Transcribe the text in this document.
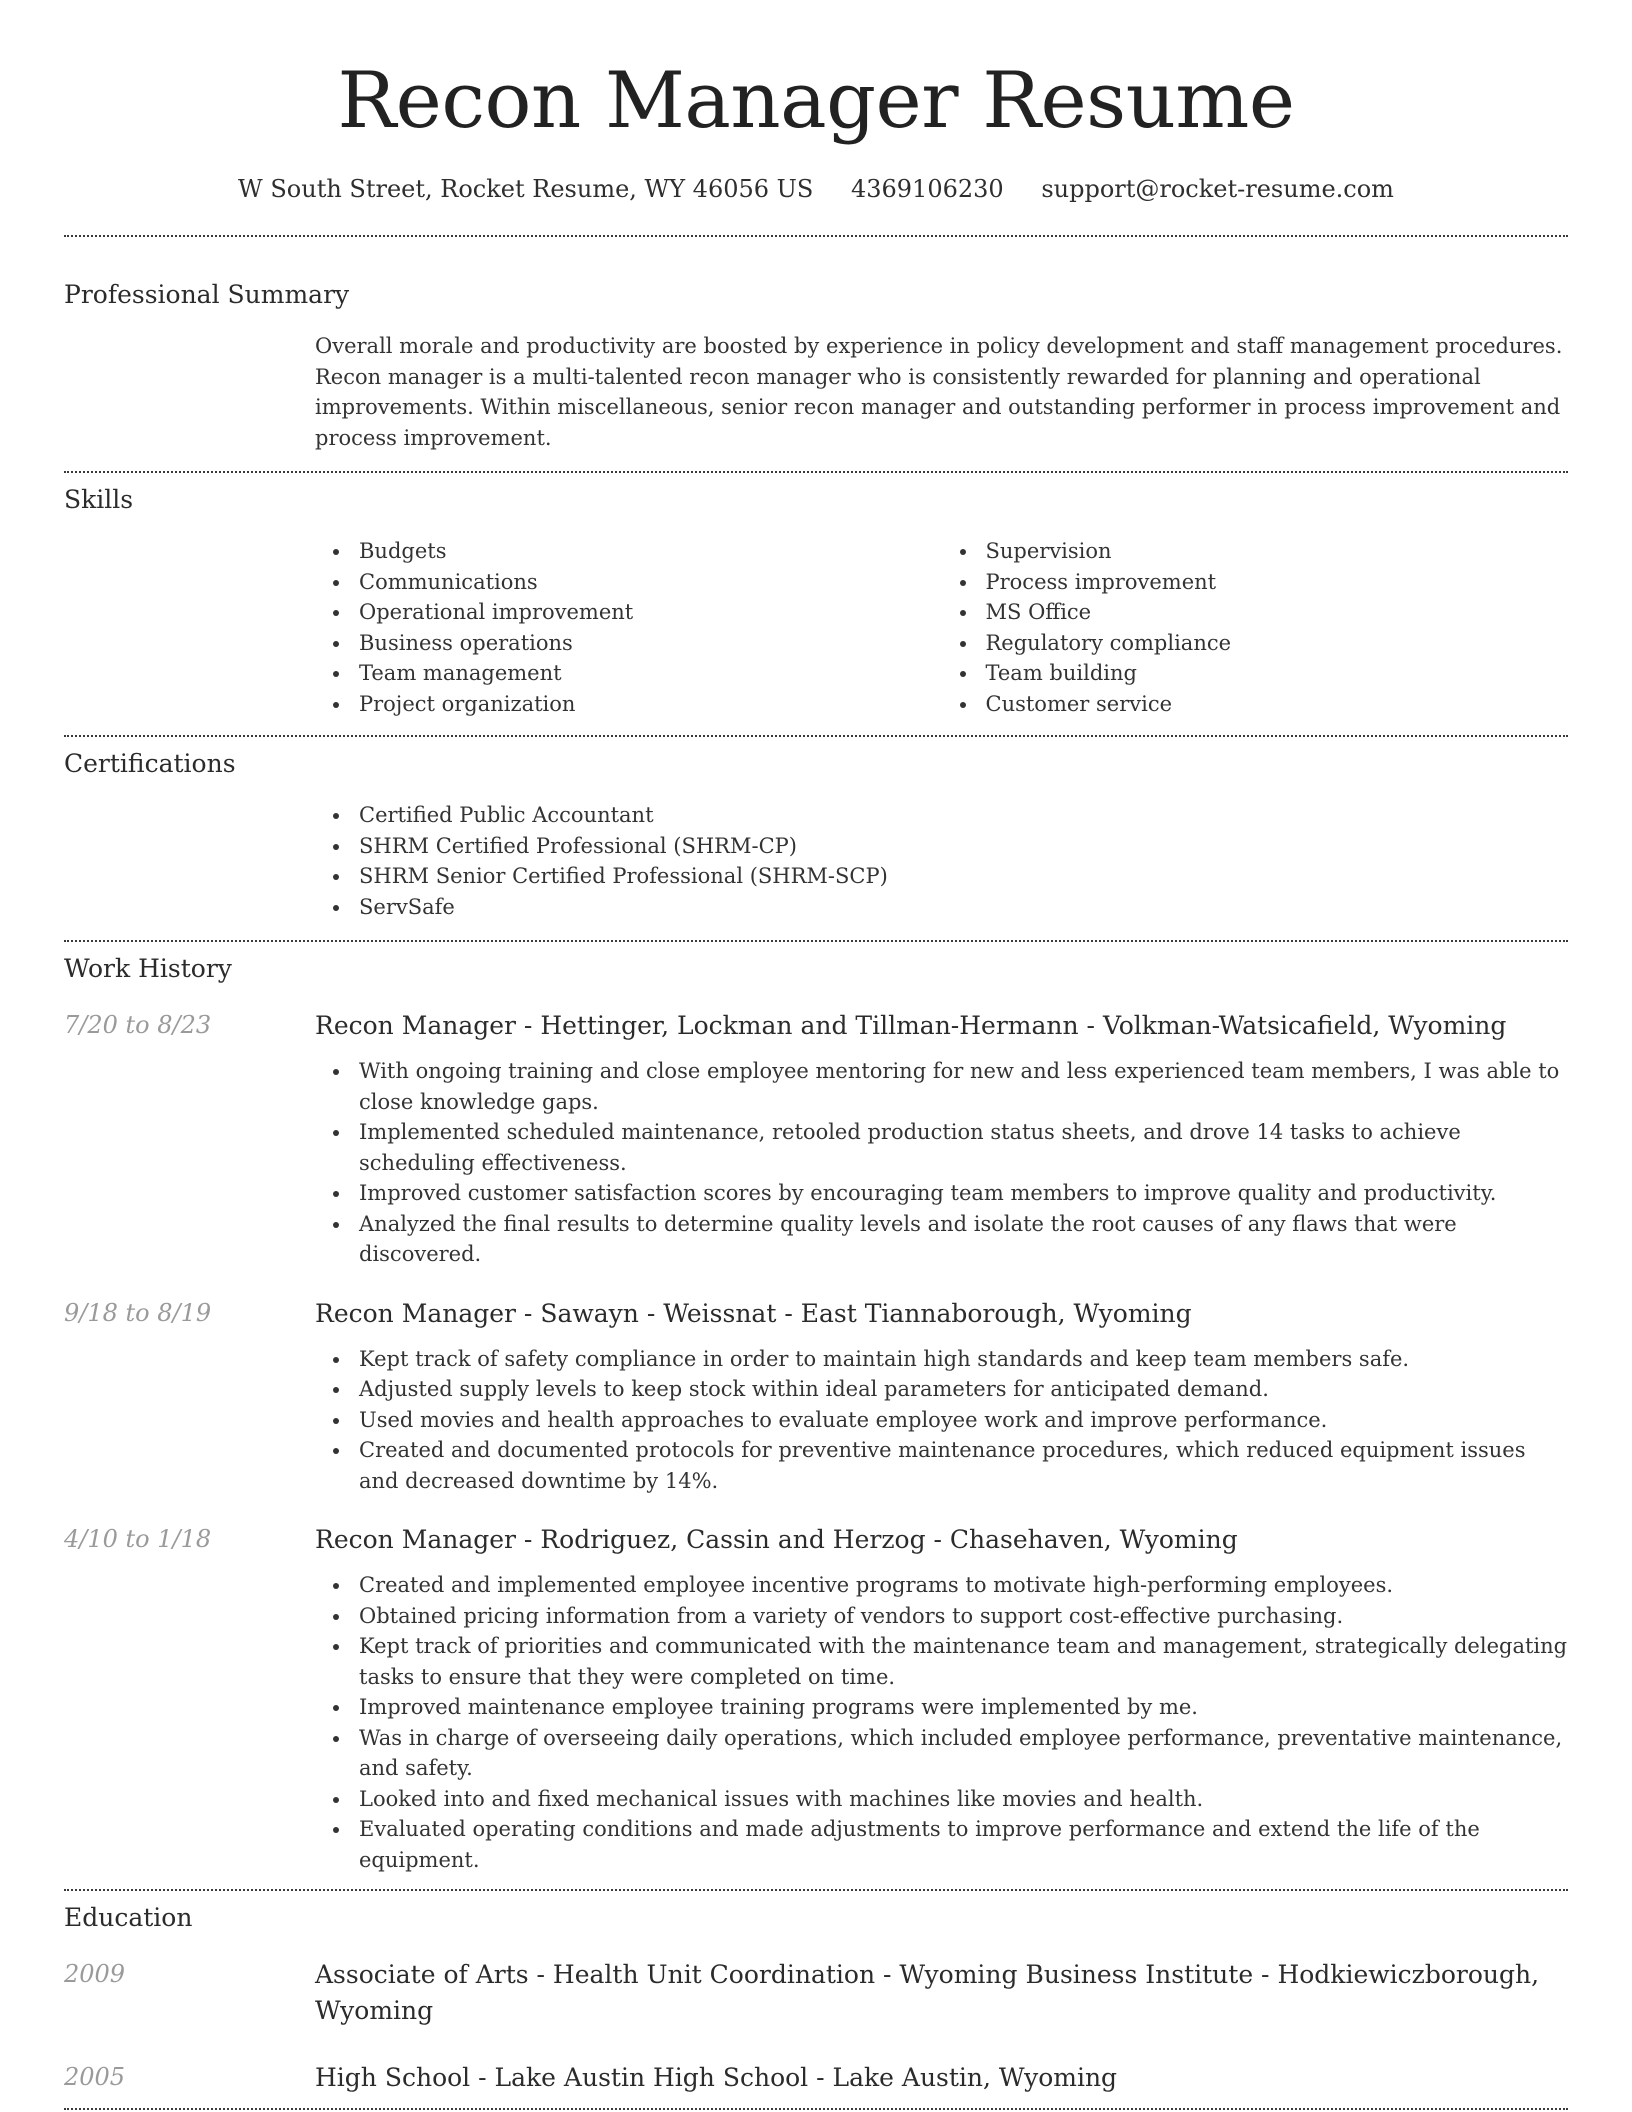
Recon Manager Resume
W South Street, Rocket Resume, WY 46056 US 4369106230 support@rocket-resume.com
Professional Summary

Overall morale and productivity are boosted by experience in policy development and staff management procedures. Recon manager is a multi-talented recon manager who is consistently rewarded for planning and operational improvements. Within miscellaneous, senior recon manager and outstanding performer in process improvement and process improvement.

Skills
Budgets
Communications
Operational improvement
Business operations
Team management
Project organization
Supervision
Process improvement
MS Office
Regulatory compliance
Team building
Customer service
Certifications
Certified Public Accountant
SHRM Certified Professional (SHRM-CP)
SHRM Senior Certified Professional (SHRM-SCP)
ServSafe
Work History
7/20 to 8/23	Recon Manager - Hettinger, Lockman and Tillman-Hermann - Volkman-Watsicafield, Wyoming
With ongoing training and close employee mentoring for new and less experienced team members, I was able to close knowledge gaps.
Implemented scheduled maintenance, retooled production status sheets, and drove 14 tasks to achieve scheduling effectiveness.
Improved customer satisfaction scores by encouraging team members to improve quality and productivity.
Analyzed the final results to determine quality levels and isolate the root causes of any flaws that were discovered.
9/18 to 8/19	Recon Manager - Sawayn - Weissnat - East Tiannaborough, Wyoming
Kept track of safety compliance in order to maintain high standards and keep team members safe.
Adjusted supply levels to keep stock within ideal parameters for anticipated demand.
Used movies and health approaches to evaluate employee work and improve performance.
Created and documented protocols for preventive maintenance procedures, which reduced equipment issues and decreased downtime by 14%.
4/10 to 1/18	Recon Manager - Rodriguez, Cassin and Herzog - Chasehaven, Wyoming
Created and implemented employee incentive programs to motivate high-performing employees.
Obtained pricing information from a variety of vendors to support cost-effective purchasing.
Kept track of priorities and communicated with the maintenance team and management, strategically delegating tasks to ensure that they were completed on time.
Improved maintenance employee training programs were implemented by me.
Was in charge of overseeing daily operations, which included employee performance, preventative maintenance, and safety.
Looked into and fixed mechanical issues with machines like movies and health.
Evaluated operating conditions and made adjustments to improve performance and extend the life of the equipment.
Education
2009	Associate of Arts - Health Unit Coordination - Wyoming Business Institute - Hodkiewiczborough, Wyoming
2005	High School - Lake Austin High School - Lake Austin, Wyoming
